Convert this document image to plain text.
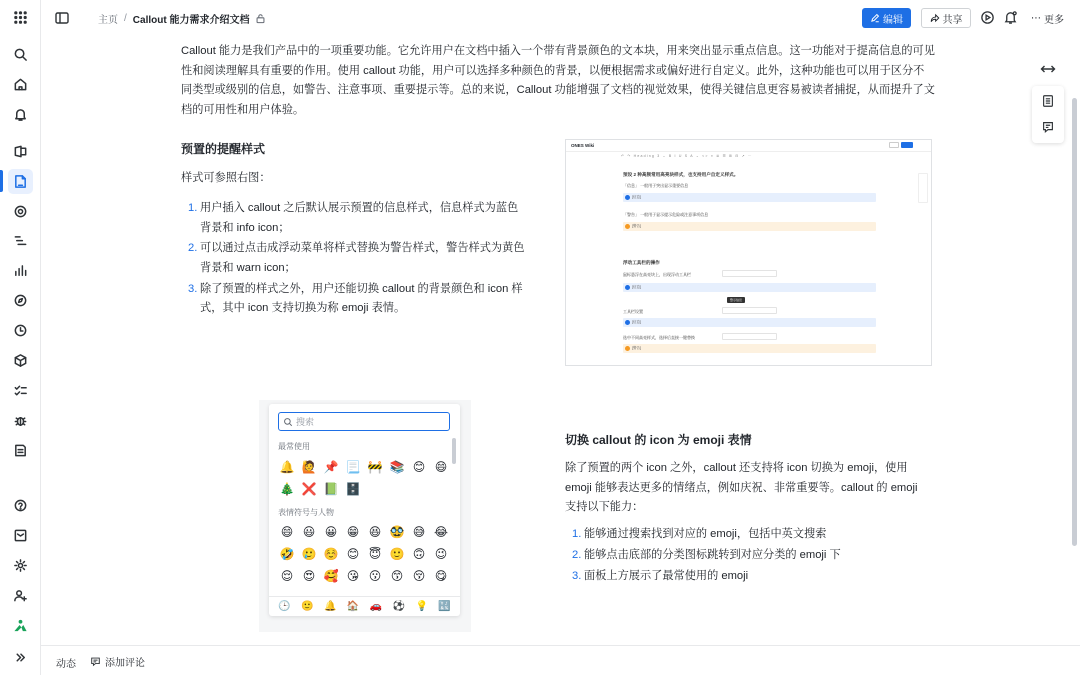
主页 / Callout 能力需求介绍文档	编辑	共享	⋯ 更多

Callout 能力是我们产品中的一项重要功能。它允许用户在文档中插入一个带有背景颜色的文本块，用来突出显示重点信息。这一功能对于提高信息的可见性和阅读理解具有重要的作用。使用 callout 功能，用户可以选择多种颜色的背景，以便根据需求或偏好进行自定义。此外，这种功能也可以用于区分不同类型或级别的信息，如警告、注意事项、重要提示等。总的来说，Callout 功能增强了文档的视觉效果，使得关键信息更容易被读者捕捉，从而提升了文档的可用性和用户体验。

预置的提醒样式

样式可参照右图：

1. 用户插入 callout 之后默认展示预置的信息样式，信息样式为蓝色背景和 info icon；
2. 可以通过点击成浮动菜单将样式替换为警告样式，警告样式为黄色背景和 warn icon；
3. 除了预置的样式之外，用户还能切换 callout 的背景颜色和 icon 样式，其中 icon 支持切换为称 emoji 表情。
ONES Wiki
↶ ↷ Heading 3 ⌄ B I U S A ⌄ <> ≡ ≣ ☰ ⊞ ⊟ ↗ ⋯
预设 2 种高频常用高亮块样式，也支持用户自定义样式。
「信息」 一般用于突出显示重要信息
[信息]
「警告」 一般用于显示提示危险或注意事项信息
[警告]
浮动工具栏的操作
鼠标悬浮在高亮块上，出现浮动工具栏
[信息]
警示信息
工具栏设置
[信息]
选中不同高亮样式，选择后直接一键替换
[警告]
搜索
最常使用
🔔 🙋 📌 📃 🚧 📚 😊 😄
🎄 ❌ 📗 🗄️
表情符号与人物
😄 😃 😀 😁 😆 🥸 😅 😂
🤣 🥲 ☺️ 😊 😇 🙂 🙃 😉
😌 😍 🥰 😘 😗 😙 😚 😋
🕒 🙂 🔔 🏠 🚗 ⚽ 💡 🔣
切换 callout 的 icon 为 emoji 表情

除了预置的两个 icon 之外，callout 还支持将 icon 切换为 emoji，使用 emoji 能够表达更多的情绪点，例如庆祝、非常重要等。callout 的 emoji 支持以下能力：

1. 能够通过搜索找到对应的 emoji，包括中英文搜索
2. 能够点击底部的分类图标跳转到对应分类的 emoji 下
3. 面板上方展示了最常使用的 emoji
动态	添加评论
